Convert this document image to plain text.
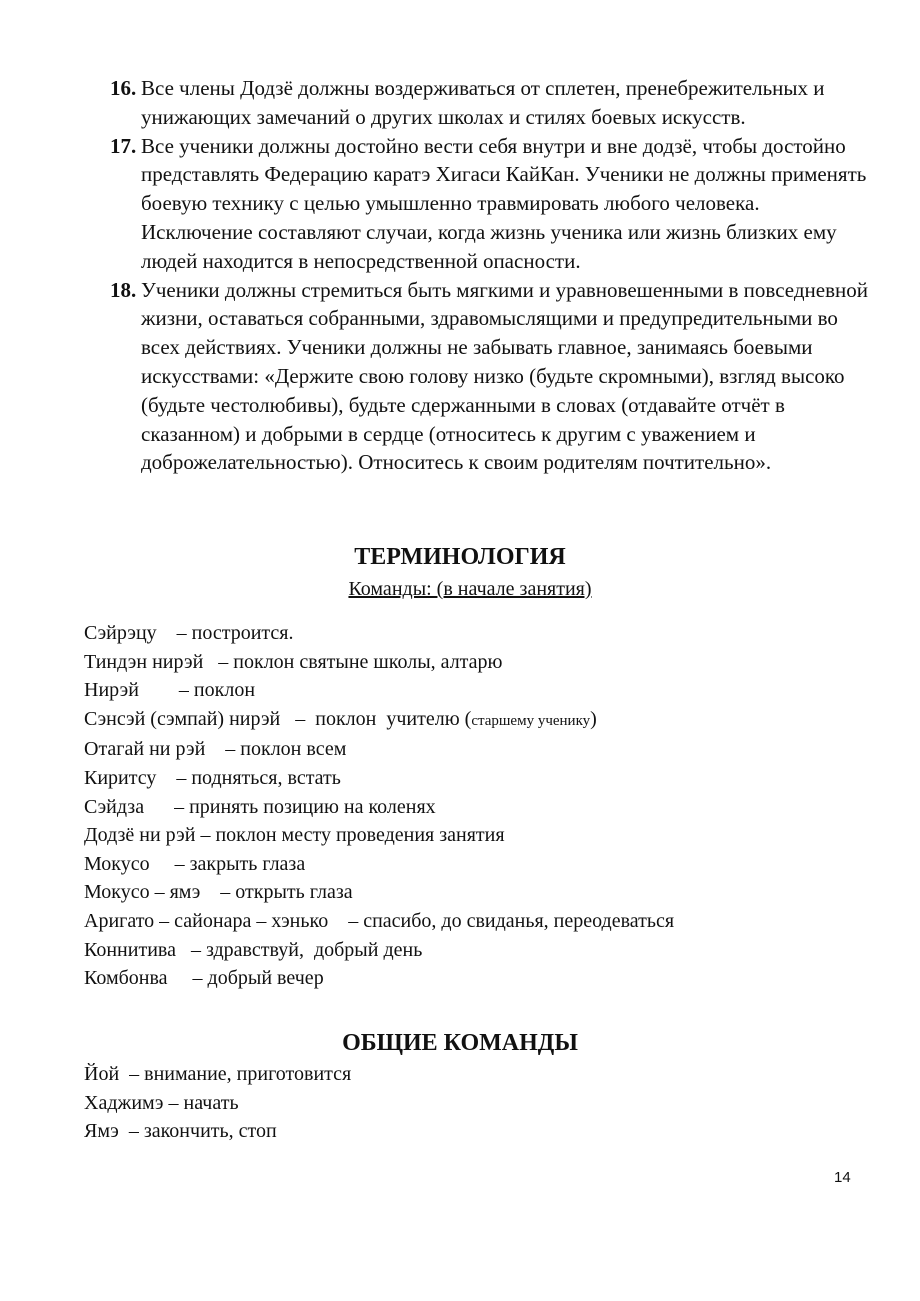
16. Все члены Додзё должны воздерживаться от сплетен, пренебрежительных и унижающих замечаний о других школах и стилях боевых искусств.
17. Все ученики должны достойно вести себя внутри и вне додзё, чтобы достойно представлять Федерацию каратэ Хигаси КайКан. Ученики не должны применять боевую технику с целью умышленно травмировать любого человека. Исключение составляют случаи, когда жизнь ученика или жизнь близких ему людей находится в непосредственной опасности.
18. Ученики должны стремиться быть мягкими и уравновешенными в повседневной жизни, оставаться собранными, здравомыслящими и предупредительными во всех действиях. Ученики должны не забывать главное, занимаясь боевыми искусствами: «Держите свою голову низко (будьте скромными), взгляд высоко (будьте честолюбивы), будьте сдержанными в словах (отдавайте отчёт в сказанном) и добрыми в сердце (относитесь к другим с уважением и доброжелательностью). Относитесь к своим родителям почтительно».
ТЕРМИНОЛОГИЯ
Команды: (в начале занятия)
Сэйрэцу    – построится.
Тиндэн нирэй   – поклон святыне школы, алтарю
Нирэй        – поклон
Сэнсэй (сэмпай) нирэй   –  поклон  учителю (старшему ученику)
Отагай ни рэй    – поклон всем
Киритсу    – подняться, встать
Сэйдза      – принять позицию на коленях
Додзё ни рэй – поклон месту проведения занятия
Мокусо     – закрыть глаза
Мокусо – ямэ    – открыть глаза
Аригато – сайонара – хэнько    – спасибо, до свиданья, переодеваться
Коннитива   – здравствуй,  добрый день
Комбонва     – добрый вечер
ОБЩИЕ КОМАНДЫ
Йой  – внимание, приготовится
Хаджимэ – начать
Ямэ  – закончить, стоп
14
